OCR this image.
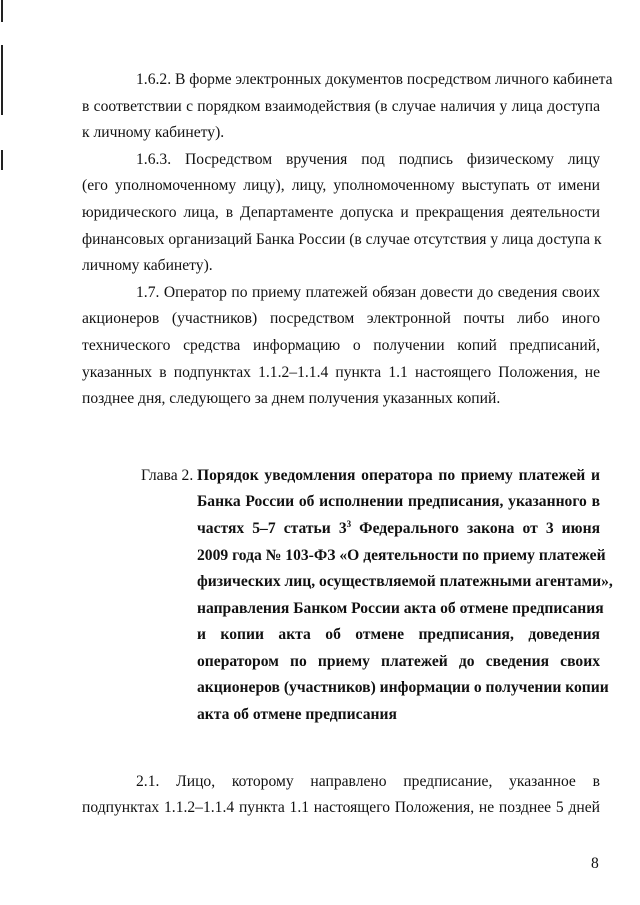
1.6.2. В форме электронных документов посредством личного кабинета
в соответствии с порядком взаимодействия (в случае наличия у лица доступа
к личному кабинету).
1.6.3. Посредством вручения под подпись физическому лицу
(его уполномоченному лицу), лицу, уполномоченному выступать от имени
юридического лица, в Департаменте допуска и прекращения деятельности
финансовых организаций Банка России (в случае отсутствия у лица доступа к
личному кабинету).
1.7. Оператор по приему платежей обязан довести до сведения своих
акционеров (участников) посредством электронной почты либо иного
технического средства информацию о получении копий предписаний,
указанных в подпунктах 1.1.2–1.1.4 пункта 1.1 настоящего Положения, не
позднее дня, следующего за днем получения указанных копий.
Глава 2. Порядок уведомления оператора по приему платежей и
Банка России об исполнении предписания, указанного в
частях 5–7 статьи $3^3$ Федерального закона от 3 июня
2009 года № 103-ФЗ «О деятельности по приему платежей
физических лиц, осуществляемой платежными агентами»,
направления Банком России акта об отмене предписания
и копии акта об отмене предписания, доведения
оператором по приему платежей до сведения своих
акционеров (участников) информации о получении копии
акта об отмене предписания
2.1. Лицо, которому направлено предписание, указанное в
подпунктах 1.1.2–1.1.4 пункта 1.1 настоящего Положения, не позднее 5 дней
8
